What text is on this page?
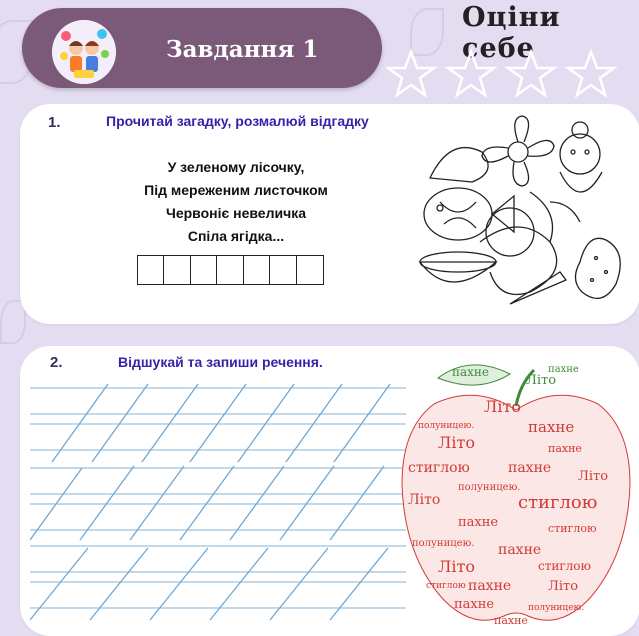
Завдання 1
Оціни себе
1.	Прочитай загадку, розмалюй відгадку
У зеленому лісочку,
Під мереженим листочком
Червоніє невеличка
Спіла ягідка...
2.	Відшукай та запиши речення.
пахне
Літо
пахне
Літо
полуницею.	пахне
Літо	пахне
стиглою	пахне
Літо
полуницею.
стиглою
Літо
пахне	стиглою
полуницею. пахне
Літо	стиглою
пахне	Літо
пахне	полуницею.
стиглою
пахне
